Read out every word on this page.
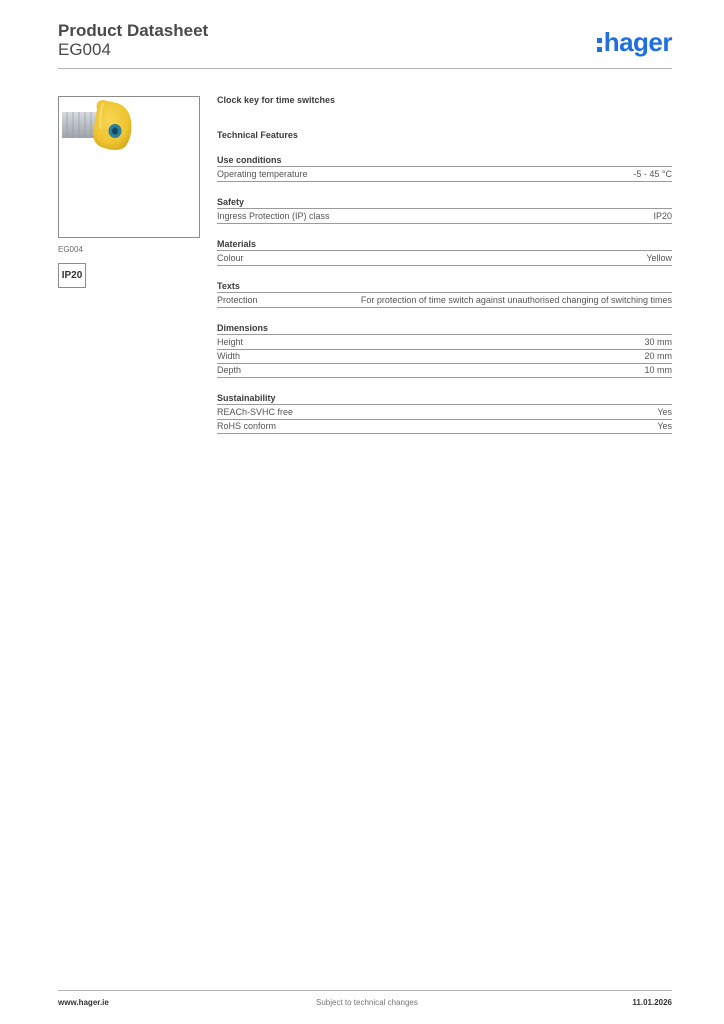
Product Datasheet
EG004	hager
EG004
IP20
Clock key for time switches
Technical Features
Use conditions
Operating temperature	-5 - 45 °C
Safety
Ingress Protection (IP) class	IP20
Materials
Colour	Yellow
Texts
Protection	For protection of time switch against unauthorised changing of switching times
Dimensions
Height	30 mm
Width	20 mm
Depth	10 mm
Sustainability
REACh-SVHC free	Yes
RoHS conform	Yes
www.hager.ie	Subject to technical changes	11.01.2026
